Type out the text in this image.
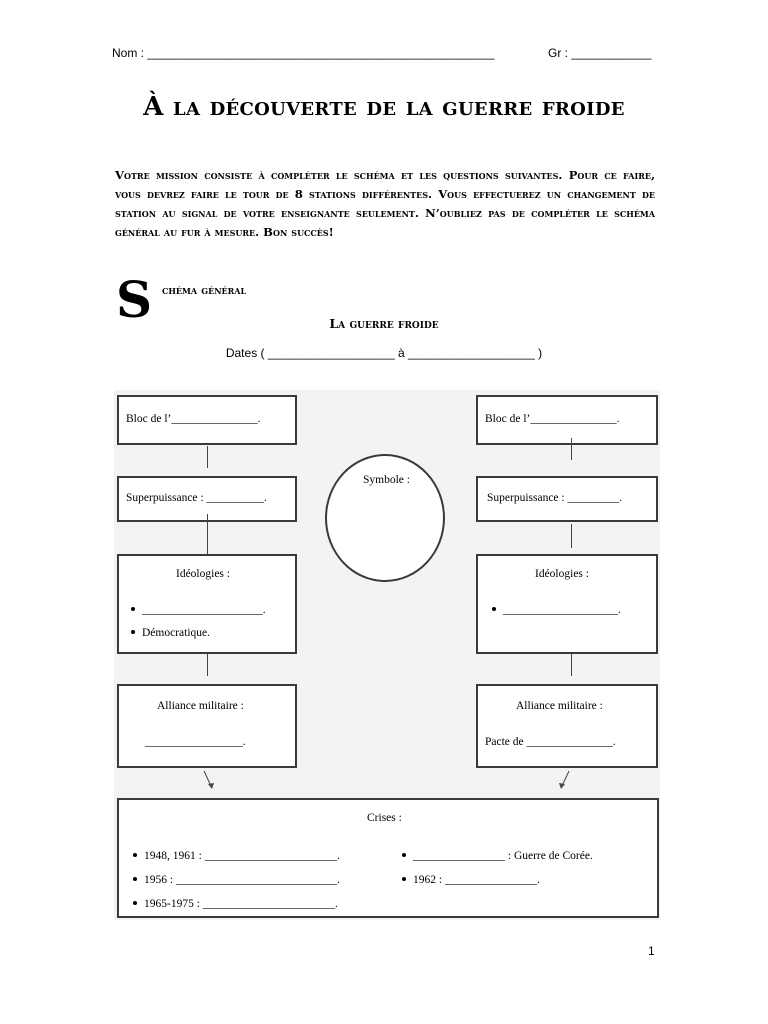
Nom : ____________________________________________________	Gr : ____________
À la découverte de la guerre froide
Votre mission consiste à compléter le schéma et les questions suivantes. Pour ce faire, vous devrez faire le tour de 8 stations différentes. Vous effectuerez un changement de station au signal de votre enseignante seulement. N’oubliez pas de compléter le schéma général au fur à mesure. Bon succès!
S chéma général
La guerre froide
Dates ( ___________________ à ___________________ )
Bloc de l’_______________.
Superpuissance : __________.
Idéologies :
_____________________.
Démocratique.
Alliance militaire :
_________________.
Symbole :
Bloc de l’_______________.
Superpuissance : _________.
Idéologies :
____________________.
Alliance militaire :
Pacte de _______________.
Crises :
1948, 1961 : _______________________.
1956 : ____________________________.
1965-1975 : _______________________.
________________ : Guerre de Corée.
1962 : ________________.
1
